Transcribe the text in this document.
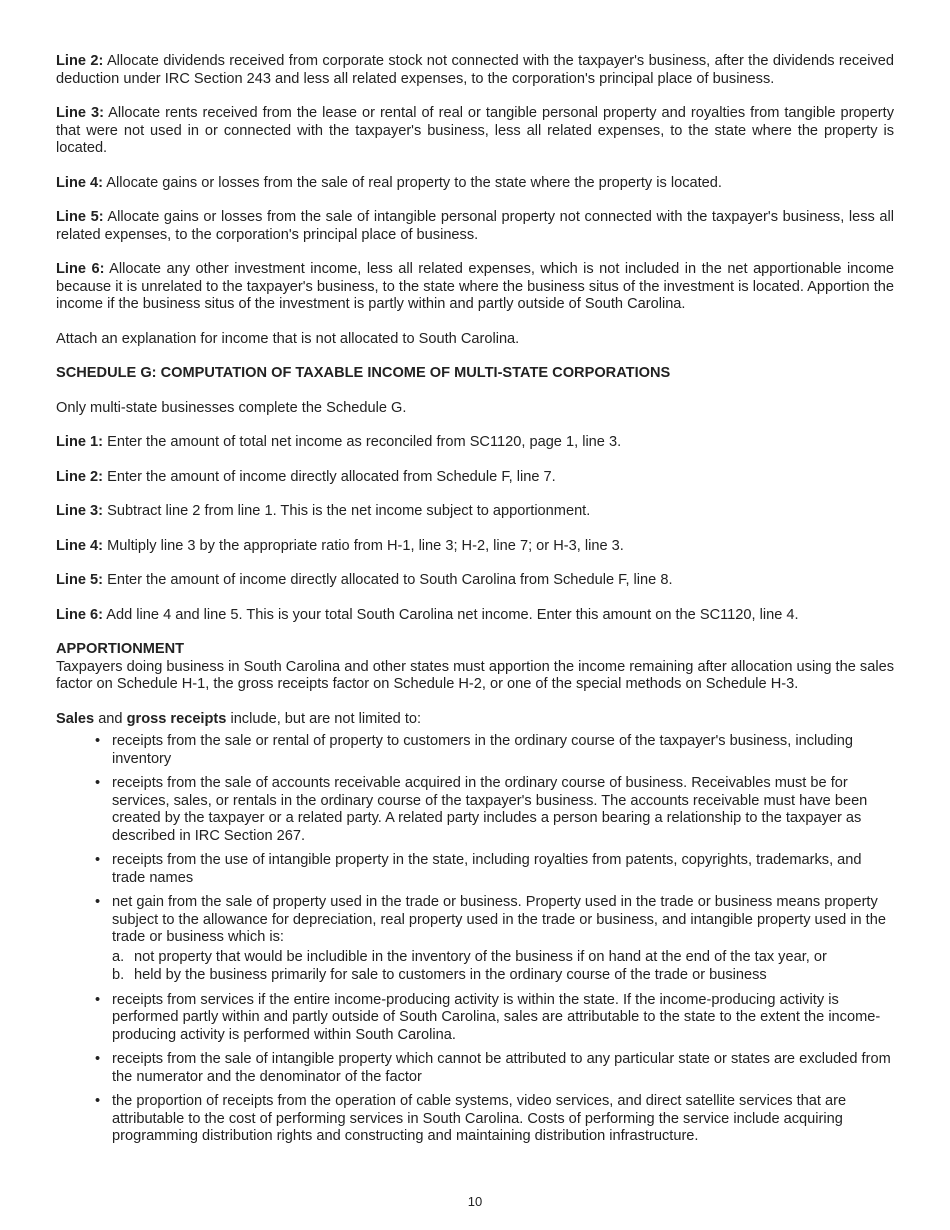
Line 2: Allocate dividends received from corporate stock not connected with the taxpayer's business, after the dividends received deduction under IRC Section 243 and less all related expenses, to the corporation's principal place of business.

Line 3: Allocate rents received from the lease or rental of real or tangible personal property and royalties from tangible property that were not used in or connected with the taxpayer's business, less all related expenses, to the state where the property is located.

Line 4: Allocate gains or losses from the sale of real property to the state where the property is located.

Line 5: Allocate gains or losses from the sale of intangible personal property not connected with the taxpayer's business, less all related expenses, to the corporation's principal place of business.

Line 6: Allocate any other investment income, less all related expenses, which is not included in the net apportionable income because it is unrelated to the taxpayer's business, to the state where the business situs of the investment is located. Apportion the income if the business situs of the investment is partly within and partly outside of South Carolina.

Attach an explanation for income that is not allocated to South Carolina.

SCHEDULE G: COMPUTATION OF TAXABLE INCOME OF MULTI-STATE CORPORATIONS

Only multi-state businesses complete the Schedule G.

Line 1: Enter the amount of total net income as reconciled from SC1120, page 1, line 3.

Line 2: Enter the amount of income directly allocated from Schedule F, line 7.

Line 3: Subtract line 2 from line 1. This is the net income subject to apportionment.

Line 4: Multiply line 3 by the appropriate ratio from H-1, line 3; H-2, line 7; or H-3, line 3.

Line 5: Enter the amount of income directly allocated to South Carolina from Schedule F, line 8.

Line 6: Add line 4 and line 5. This is your total South Carolina net income. Enter this amount on the SC1120, line 4.

APPORTIONMENT

Taxpayers doing business in South Carolina and other states must apportion the income remaining after allocation using the sales factor on Schedule H-1, the gross receipts factor on Schedule H-2, or one of the special methods on Schedule H-3.

Sales and gross receipts include, but are not limited to:

• receipts from the sale or rental of property to customers in the ordinary course of the taxpayer's business, including inventory
• receipts from the sale of accounts receivable acquired in the ordinary course of business. Receivables must be for services, sales, or rentals in the ordinary course of the taxpayer's business. The accounts receivable must have been created by the taxpayer or a related party. A related party includes a person bearing a relationship to the taxpayer as described in IRC Section 267.
• receipts from the use of intangible property in the state, including royalties from patents, copyrights, trademarks, and trade names
• net gain from the sale of property used in the trade or business. Property used in the trade or business means property subject to the allowance for depreciation, real property used in the trade or business, and intangible property used in the trade or business which is:
a. not property that would be includible in the inventory of the business if on hand at the end of the tax year, or
b. held by the business primarily for sale to customers in the ordinary course of the trade or business
• receipts from services if the entire income-producing activity is within the state. If the income-producing activity is performed partly within and partly outside of South Carolina, sales are attributable to the state to the extent the income-producing activity is performed within South Carolina.
• receipts from the sale of intangible property which cannot be attributed to any particular state or states are excluded from the numerator and the denominator of the factor
• the proportion of receipts from the operation of cable systems, video services, and direct satellite services that are attributable to the cost of performing services in South Carolina. Costs of performing the service include acquiring programming distribution rights and constructing and maintaining distribution infrastructure.
10
